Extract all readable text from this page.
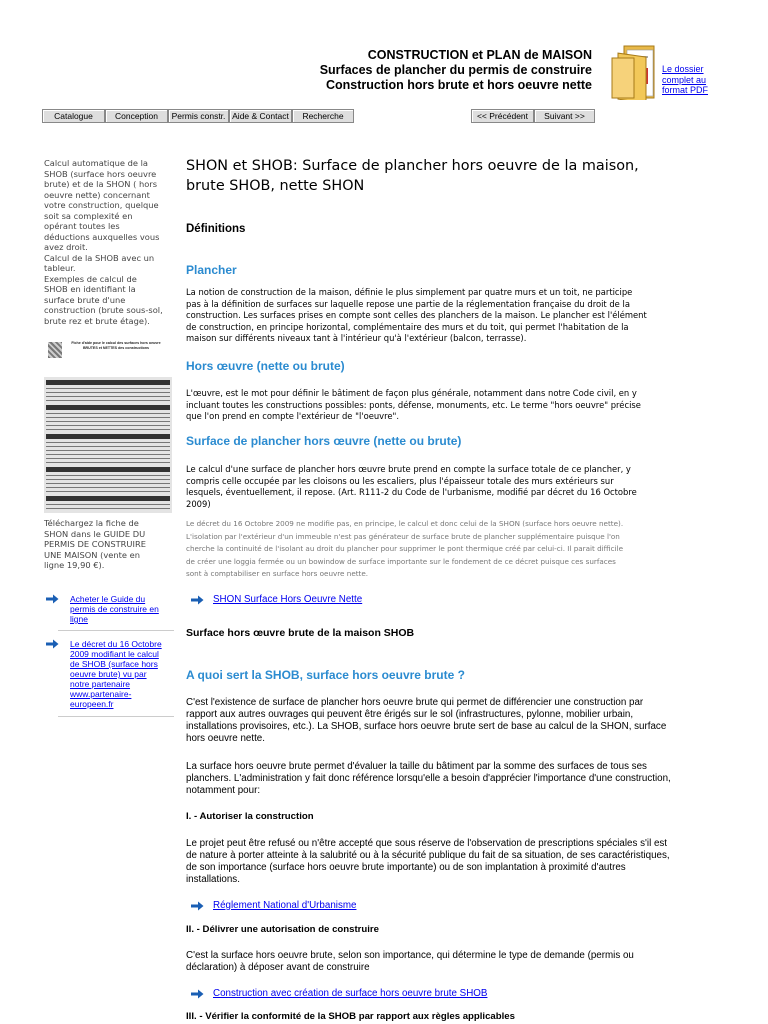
CONSTRUCTION et PLAN de MAISON
Surfaces de plancher du permis de construire
Construction hors brute et hors oeuvre nette
Le dossier
complet au
format PDF
Catalogue	Conception	Permis constr. Aide & Contact	Recherche	<< Précédent	Suivant >>
Calcul automatique de la
SHOB (surface hors oeuvre
brute) et de la SHON ( hors
oeuvre nette) concernant
votre construction, quelque
soit sa complexité en
opérant toutes les
déductions auxquelles vous
avez droit.
Calcul de la SHOB avec un
tableur.
Exemples de calcul de
SHOB en identifiant la
surface brute d'une
construction (brute sous-sol,
brute rez et brute étage).
Fiche d'aide pour le calcul des surfaces hors oeuvre
BRUTES et NETTES des constructions
Téléchargez la fiche de
SHON dans le GUIDE DU
PERMIS DE CONSTRUIRE
UNE MAISON (vente en
ligne 19,90 €).
Acheter le Guide du
permis de construire en
ligne
Le décret du 16 Octobre
2009 modifiant le calcul
de SHOB (surface hors
oeuvre brute) vu par
notre partenaire
www.partenaire-
europeen.fr
SHON et SHOB: Surface de plancher hors oeuvre de la maison,
brute SHOB, nette SHON
Définitions
Plancher
La notion de construction de la maison, définie le plus simplement par quatre murs et un toit, ne participe
pas à la définition de surfaces sur laquelle repose une partie de la réglementation française du droit de la
construction. Les surfaces prises en compte sont celles des planchers de la maison. Le plancher est l'élément
de construction, en principe horizontal, complémentaire des murs et du toit, qui permet l'habitation de la
maison sur différents niveaux tant à l'intérieur qu'à l'extérieur (balcon, terrasse).
Hors œuvre (nette ou brute)
L'œuvre, est le mot pour définir le bâtiment de façon plus générale, notamment dans notre Code civil, en y
incluant toutes les constructions possibles: ponts, défense, monuments, etc. Le terme "hors oeuvre" précise
que l'on prend en compte l'extérieur de "l'oeuvre".
Surface de plancher hors œuvre (nette ou brute)
Le calcul d'une surface de plancher hors œuvre brute prend en compte la surface totale de ce plancher, y
compris celle occupée par les cloisons ou les escaliers, plus l'épaisseur totale des murs extérieurs sur
lesquels, éventuellement, il repose. (Art. R111-2 du Code de l'urbanisme, modifié par décret du 16 Octobre
2009)
Le décret du 16 Octobre 2009 ne modifie pas, en principe, le calcul et donc celui de la SHON (surface hors oeuvre nette).
L'isolation par l'extérieur d'un immeuble n'est pas générateur de surface brute de plancher supplémentaire puisque l'on
cherche la continuité de l'isolant au droit du plancher pour supprimer le pont thermique créé par celui-ci. Il parait difficile
de créer une loggia fermée ou un bowindow de surface importante sur le fondement de ce décret puisque ces surfaces
sont à comptabiliser en surface hors oeuvre nette.
SHON Surface Hors Oeuvre Nette
Surface hors œuvre brute de la maison SHOB
A quoi sert la SHOB, surface hors oeuvre brute ?
C'est l'existence de surface de plancher hors oeuvre brute qui permet de différencier une construction par
rapport aux autres ouvrages qui peuvent être érigés sur le sol (infrastructures, pylonne, mobilier urbain,
installations provisoires, etc.). La SHOB, surface hors oeuvre brute sert de base au calcul de la SHON, surface
hors oeuvre nette.
La surface hors oeuvre brute permet d'évaluer la taille du bâtiment par la somme des surfaces de tous ses
planchers. L'administration y fait donc référence lorsqu'elle a besoin d'apprécier l'importance d'une construction,
notamment pour:
I. - Autoriser la construction
Le projet peut être refusé ou n'être accepté que sous réserve de l'observation de prescriptions spéciales s'il est
de nature à porter atteinte à la salubrité ou à la sécurité publique du fait de sa situation, de ses caractéristiques,
de son importance (surface hors oeuvre brute importante) ou de son implantation à proximité d'autres
installations.
Réglement National d'Urbanisme
II. - Délivrer une autorisation de construire
C'est la surface hors oeuvre brute, selon son importance, qui détermine le type de demande (permis ou
déclaration) à déposer avant de construire
Construction avec création de surface hors oeuvre brute SHOB
III. - Vérifier la conformité de la SHOB par rapport aux règles applicables
